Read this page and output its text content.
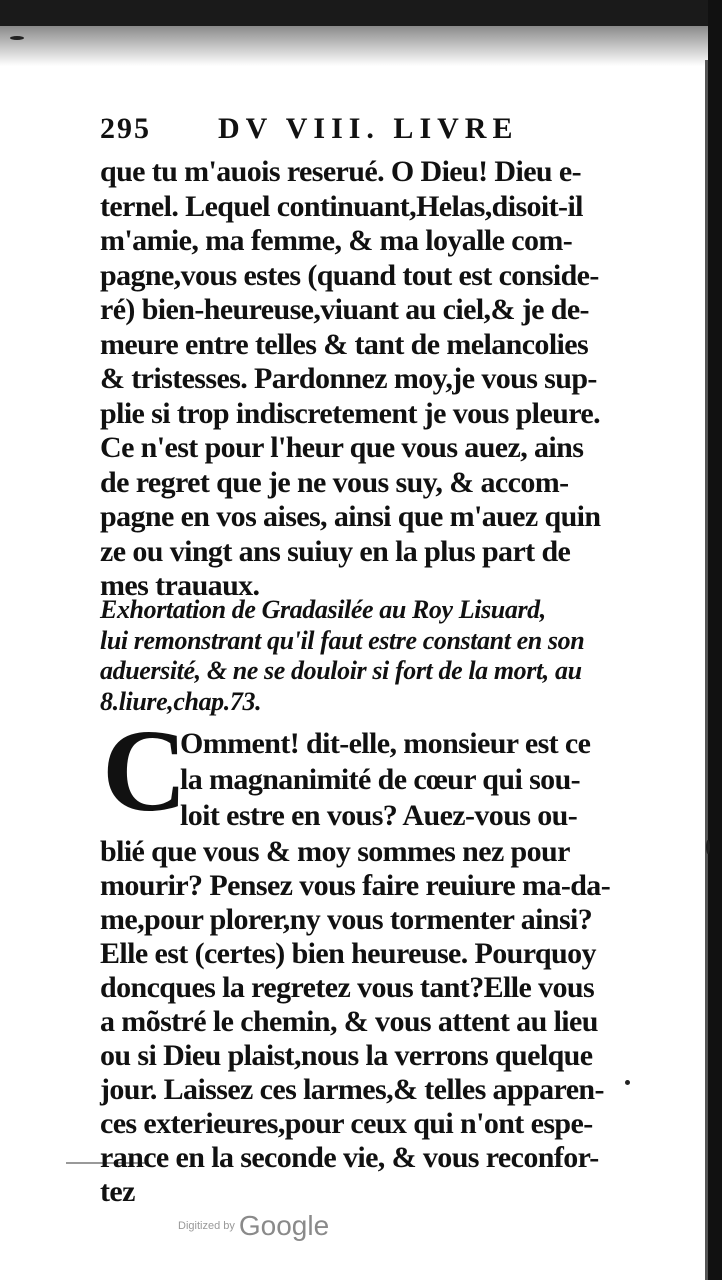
295 DV VIII. LIVRE
que tu m'auois reserué. O Dieu! Dieu e-
ternel. Lequel continuant,Helas,disoit-il
m'amie, ma femme, & ma loyalle com-
pagne,vous estes (quand tout est conside-
ré) bien-heureuse,viuant au ciel,& je de-
meure entre telles & tant de melancolies
& tristesses. Pardonnez moy,je vous sup-
plie si trop indiscretement je vous pleure.
Ce n'est pour l'heur que vous auez, ains
de regret que je ne vous suy, & accom-
pagne en vos aises, ainsi que m'auez quin
ze ou vingt ans suiuy en la plus part de
mes trauaux.
Exhortation de Gradasilée au Roy Lisuard,
lui remonstrant qu'il faut estre constant en son
aduersité, & ne se douloir si fort de la mort, au
8.liure,chap.73.
C
Omment! dit-elle, monsieur est ce
la magnanimité de cœur qui sou-
loit estre en vous? Auez-vous ou-
blié que vous & moy sommes nez pour
mourir? Pensez vous faire reuiure ma-da-
me,pour plorer,ny vous tormenter ainsi?
Elle est (certes) bien heureuse. Pourquoy
doncques la regretez vous tant?Elle vous
a mõstré le chemin, & vous attent au lieu
ou si Dieu plaist,nous la verrons quelque
jour. Laissez ces larmes,& telles apparen-
ces exterieures,pour ceux qui n'ont espe-
rance en la seconde vie, & vous reconfor-
tez
Digitized by Google
